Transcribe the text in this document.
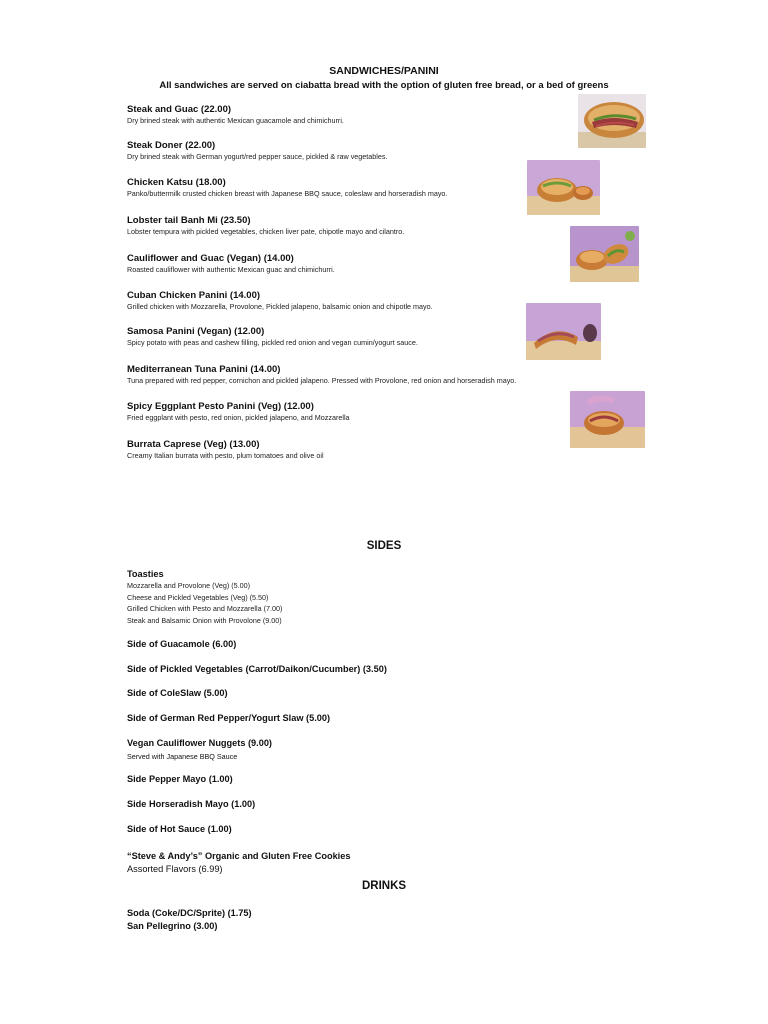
SANDWICHES/PANINI
All sandwiches are served on ciabatta bread with the option of gluten free bread, or a bed of greens
Steak and Guac (22.00)
Dry brined steak with authentic Mexican guacamole and chimichurri.
Steak Doner (22.00)
Dry brined steak with German yogurt/red pepper sauce, pickled & raw vegetables.
Chicken Katsu (18.00)
Panko/buttermilk crusted chicken breast with Japanese BBQ sauce, coleslaw and horseradish mayo.
Lobster tail Banh Mi (23.50)
Lobster tempura with pickled vegetables, chicken liver pate, chipotle mayo and cilantro.
Cauliflower and Guac (Vegan) (14.00)
Roasted cauliflower with authentic Mexican guac and chimichurri.
Cuban Chicken Panini (14.00)
Grilled chicken with Mozzarella, Provolone, Pickled jalapeno, balsamic onion and chipotle mayo.
Samosa Panini (Vegan) (12.00)
Spicy potato with peas and cashew filling, pickled red onion and vegan cumin/yogurt sauce.
Mediterranean Tuna Panini (14.00)
Tuna prepared with red pepper, cornichon and pickled jalapeno. Pressed with Provolone, red onion and horseradish mayo.
Spicy Eggplant Pesto Panini (Veg) (12.00)
Fried eggplant with pesto, red onion, pickled jalapeno, and Mozzarella
Burrata Caprese (Veg) (13.00)
Creamy Italian burrata with pesto, plum tomatoes and olive oil
SIDES
Toasties
Mozzarella and Provolone (Veg) (5.00)
Cheese and Pickled Vegetables (Veg) (5.50)
Grilled Chicken with Pesto and Mozzarella (7.00)
Steak and Balsamic Onion with Provolone (9.00)
Side of Guacamole (6.00)
Side of Pickled Vegetables (Carrot/Daikon/Cucumber) (3.50)
Side of ColeSlaw (5.00)
Side of German Red Pepper/Yogurt Slaw (5.00)
Vegan Cauliflower Nuggets (9.00)
Served with Japanese BBQ Sauce
Side Pepper Mayo (1.00)
Side Horseradish Mayo (1.00)
Side of Hot Sauce (1.00)
“Steve & Andy’s” Organic and Gluten Free Cookies
Assorted Flavors (6.99)
DRINKS
Soda (Coke/DC/Sprite) (1.75)
San Pellegrino (3.00)
